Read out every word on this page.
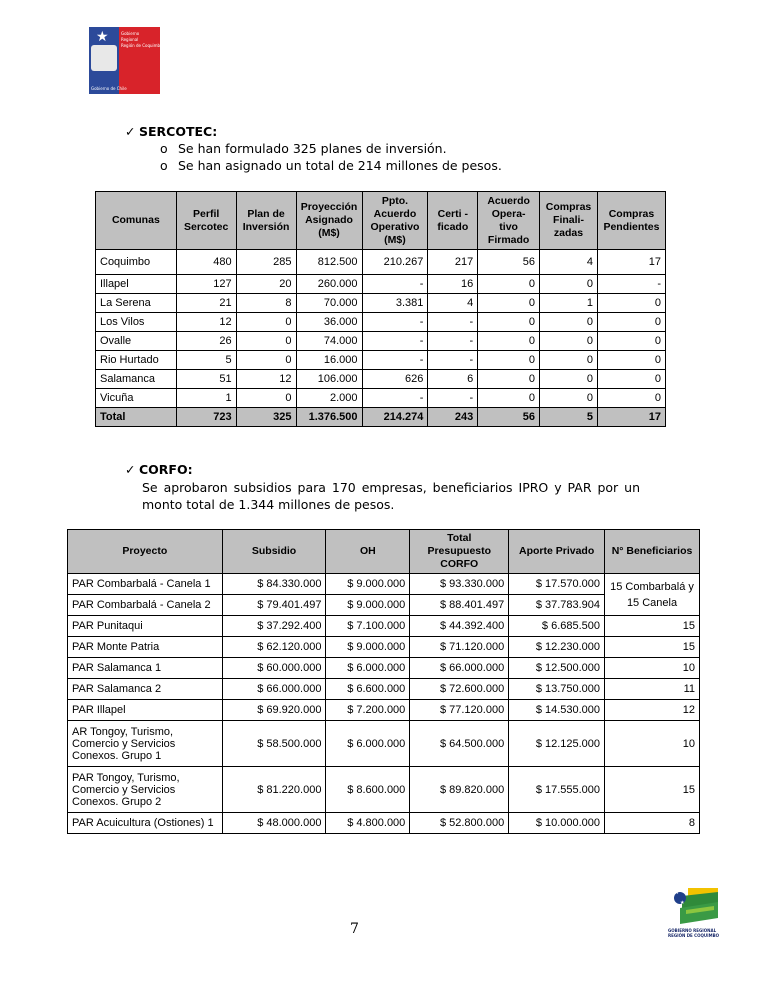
★	Gobierno
Regional
Región de Coquimbo
Gobierno de Chile
✓ SERCOTEC:
o Se han formulado 325 planes de inversión.
o Se han asignado un total de 214 millones de pesos.
Comunas	Perfil Sercotec	Plan de Inversión	Proyección Asignado (M$)	Ppto. Acuerdo Operativo (M$)	Certi - ficado	Acuerdo Opera- tivo Firmado	Compras Finali- zadas	Compras Pendientes
Coquimbo	480	285	812.500	210.267	217	56	4	17
Illapel	127	20	260.000	-	16	0	0	-
La Serena	21	8	70.000	3.381	4	0	1	0
Los Vilos	12	0	36.000	-	-	0	0	0
Ovalle	26	0	74.000	-	-	0	0	0
Rio Hurtado	5	0	16.000	-	-	0	0	0
Salamanca	51	12	106.000	626	6	0	0	0
Vicuña	1	0	2.000	-	-	0	0	0
Total	723	325	1.376.500	214.274	243	56	5	17
✓ CORFO:
Se aprobaron subsidios para 170 empresas, beneficiarios IPRO y PAR por un monto total de 1.344 millones de pesos.
Proyecto	Subsidio	OH	Total Presupuesto CORFO	Aporte Privado	N° Beneficiarios
PAR Combarbalá - Canela 1	$ 84.330.000	$ 9.000.000	$ 93.330.000	$ 17.570.000	15 Combarbalá y 15 Canela
PAR Combarbalá - Canela 2	$ 79.401.497	$ 9.000.000	$ 88.401.497	$ 37.783.904	
PAR Punitaqui	$ 37.292.400	$ 7.100.000	$ 44.392.400	$ 6.685.500	15
PAR Monte Patria	$ 62.120.000	$ 9.000.000	$ 71.120.000	$ 12.230.000	15
PAR Salamanca 1	$ 60.000.000	$ 6.000.000	$ 66.000.000	$ 12.500.000	10
PAR Salamanca 2	$ 66.000.000	$ 6.600.000	$ 72.600.000	$ 13.750.000	11
PAR Illapel	$ 69.920.000	$ 7.200.000	$ 77.120.000	$ 14.530.000	12
AR Tongoy, Turismo, Comercio y Servicios Conexos. Grupo 1	$ 58.500.000	$ 6.000.000	$ 64.500.000	$ 12.125.000	10
PAR Tongoy, Turismo, Comercio y Servicios Conexos. Grupo 2	$ 81.220.000	$ 8.600.000	$ 89.820.000	$ 17.555.000	15
PAR Acuicultura (Ostiones) 1	$ 48.000.000	$ 4.800.000	$ 52.800.000	$ 10.000.000	8
7
★
★
GOBIERNO REGIONAL
REGIÓN DE COQUIMBO
